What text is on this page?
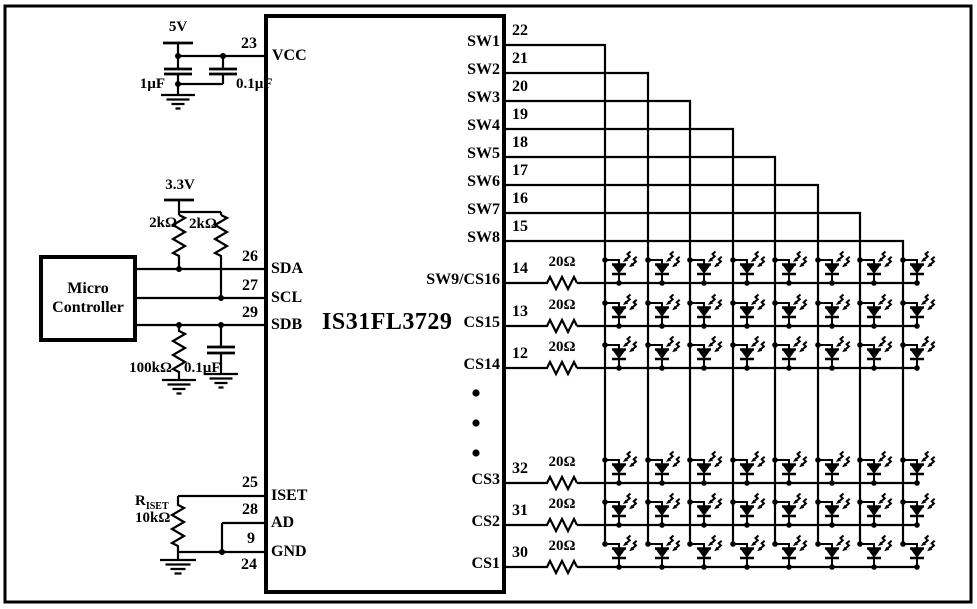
5V
23
VCC
1µF	0.1µF
3.3V
2kΩ 2kΩ
26
SDA
27
SCL
29
SDB
Micro
Controller
100kΩ 0.1µF
IS31FL3729
$R_{ISET}$
10kΩ
25
ISET
28
AD
9
GND
24
SW1
SW2
SW3
SW4
SW5
SW6
SW7
SW8
22
21
20
19
18
17
16
15
SW9/CS16
CS15
CS14
CS3
CS2
CS1
14
13
12
32
31
30
20Ω
20Ω
20Ω
20Ω
20Ω
20Ω
